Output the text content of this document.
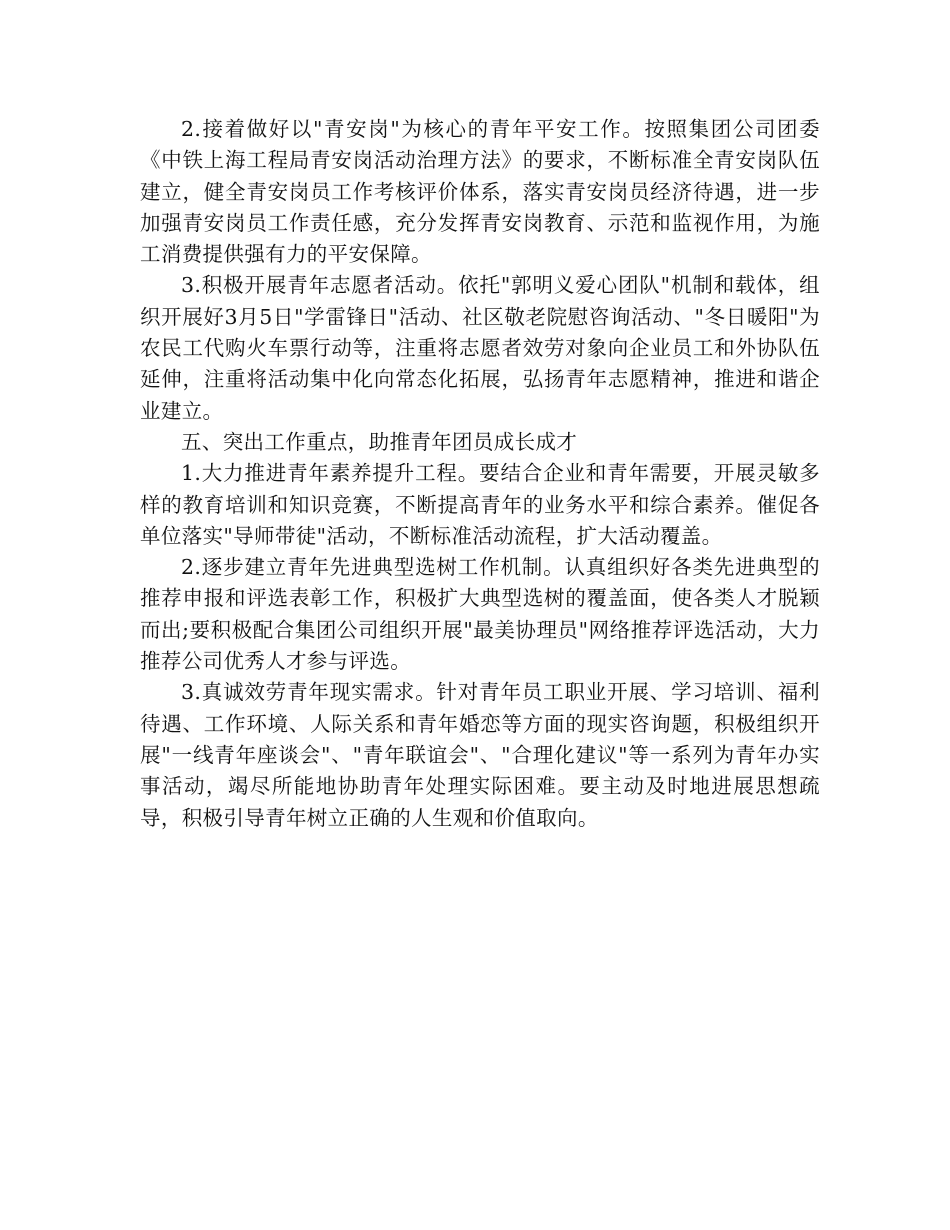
2.接着做好以"青安岗"为核心的青年平安工作。按照集团公司团委《中铁上海工程局青安岗活动治理方法》的要求，不断标准全青安岗队伍建立，健全青安岗员工作考核评价体系，落实青安岗员经济待遇，进一步加强青安岗员工作责任感，充分发挥青安岗教育、示范和监视作用，为施工消费提供强有力的平安保障。

3.积极开展青年志愿者活动。依托"郭明义爱心团队"机制和载体，组织开展好3月5日"学雷锋日"活动、社区敬老院慰咨询活动、"冬日暖阳"为农民工代购火车票行动等，注重将志愿者效劳对象向企业员工和外协队伍延伸，注重将活动集中化向常态化拓展，弘扬青年志愿精神，推进和谐企业建立。

五、突出工作重点，助推青年团员成长成才

1.大力推进青年素养提升工程。要结合企业和青年需要，开展灵敏多样的教育培训和知识竞赛，不断提高青年的业务水平和综合素养。催促各单位落实"导师带徒"活动，不断标准活动流程，扩大活动覆盖。

2.逐步建立青年先进典型选树工作机制。认真组织好各类先进典型的推荐申报和评选表彰工作，积极扩大典型选树的覆盖面，使各类人才脱颖而出;要积极配合集团公司组织开展"最美协理员"网络推荐评选活动，大力推荐公司优秀人才参与评选。

3.真诚效劳青年现实需求。针对青年员工职业开展、学习培训、福利待遇、工作环境、人际关系和青年婚恋等方面的现实咨询题，积极组织开展"一线青年座谈会"、"青年联谊会"、"合理化建议"等一系列为青年办实事活动，竭尽所能地协助青年处理实际困难。要主动及时地进展思想疏导，积极引导青年树立正确的人生观和价值取向。
